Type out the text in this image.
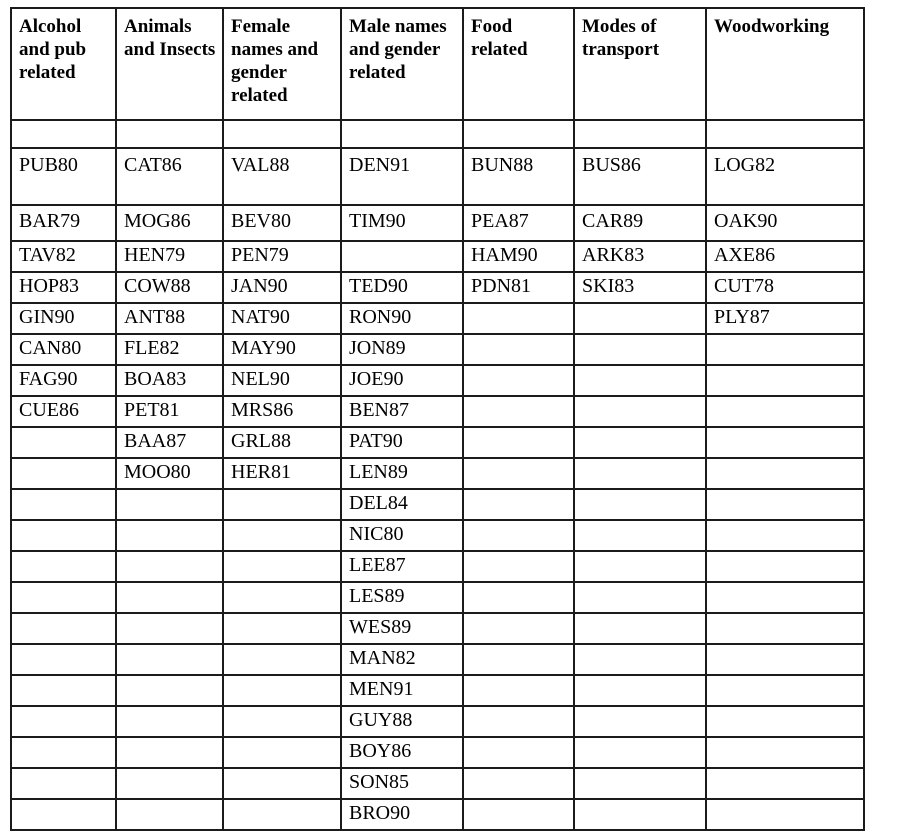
Alcohol and pub related	Animals and Insects	Female names and gender related	Male names and gender related	Food related	Modes of transport	Woodworking

PUB80	CAT86	VAL88	DEN91	BUN88	BUS86	LOG82
BAR79	MOG86	BEV80	TIM90	PEA87	CAR89	OAK90
TAV82	HEN79	PEN79		HAM90	ARK83	AXE86
HOP83	COW88	JAN90	TED90	PDN81	SKI83	CUT78
GIN90	ANT88	NAT90	RON90			PLY87
CAN80	FLE82	MAY90	JON89			
FAG90	BOA83	NEL90	JOE90			
CUE86	PET81	MRS86	BEN87			
	BAA87	GRL88	PAT90			
	MOO80	HER81	LEN89			
			DEL84			
			NIC80			
			LEE87			
			LES89			
			WES89			
			MAN82			
			MEN91			
			GUY88			
			BOY86			
			SON85			
			BRO90			
